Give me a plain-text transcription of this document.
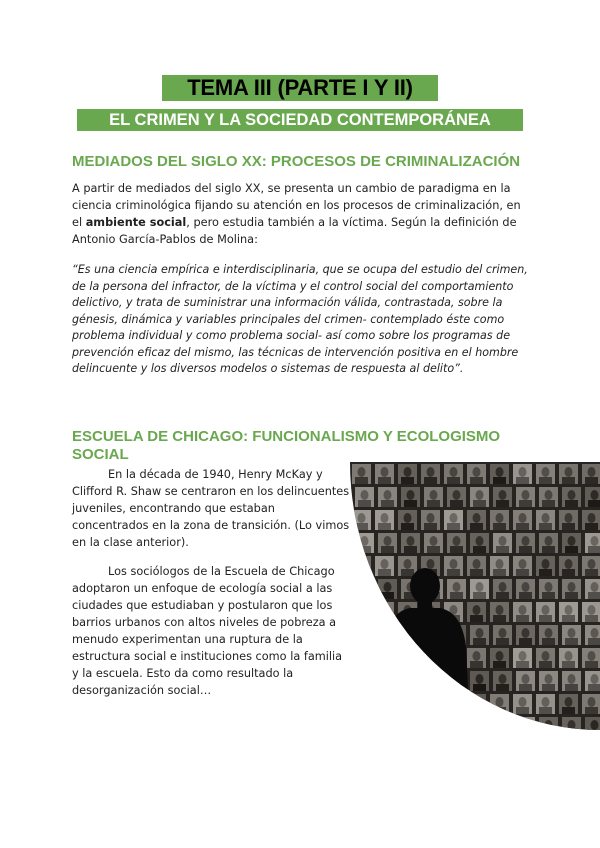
TEMA III (PARTE I Y II)
EL CRIMEN Y LA SOCIEDAD CONTEMPORÁNEA
MEDIADOS DEL SIGLO XX: PROCESOS DE CRIMINALIZACIÓN
A partir de mediados del siglo XX, se presenta un cambio de paradigma en la ciencia criminológica fijando su atención en los procesos de criminalización, en el ambiente social, pero estudia también a la víctima. Según la definición de Antonio García-Pablos de Molina:
“Es una ciencia empírica e interdisciplinaria, que se ocupa del estudio del crimen, de la persona del infractor, de la víctima y el control social del comportamiento delictivo, y trata de suministrar una información válida, contrastada, sobre la génesis, dinámica y variables principales del crimen- contemplado éste como problema individual y como problema social- así como sobre los programas de prevención eficaz del mismo, las técnicas de intervención positiva en el hombre delincuente y los diversos modelos o sistemas de respuesta al delito”.
ESCUELA DE CHICAGO: FUNCIONALISMO Y ECOLOGISMO
SOCIAL
En la década de 1940, Henry McKay y Clifford R. Shaw se centraron en los delincuentes juveniles, encontrando que estaban concentrados en la zona de transición. (Lo vimos en la clase anterior).
Los sociólogos de la Escuela de Chicago adoptaron un enfoque de ecología social a las ciudades que estudiaban y postularon que los barrios urbanos con altos niveles de pobreza a menudo experimentan una ruptura de la estructura social e instituciones como la familia y la escuela. Esto da como resultado la desorganización social…
